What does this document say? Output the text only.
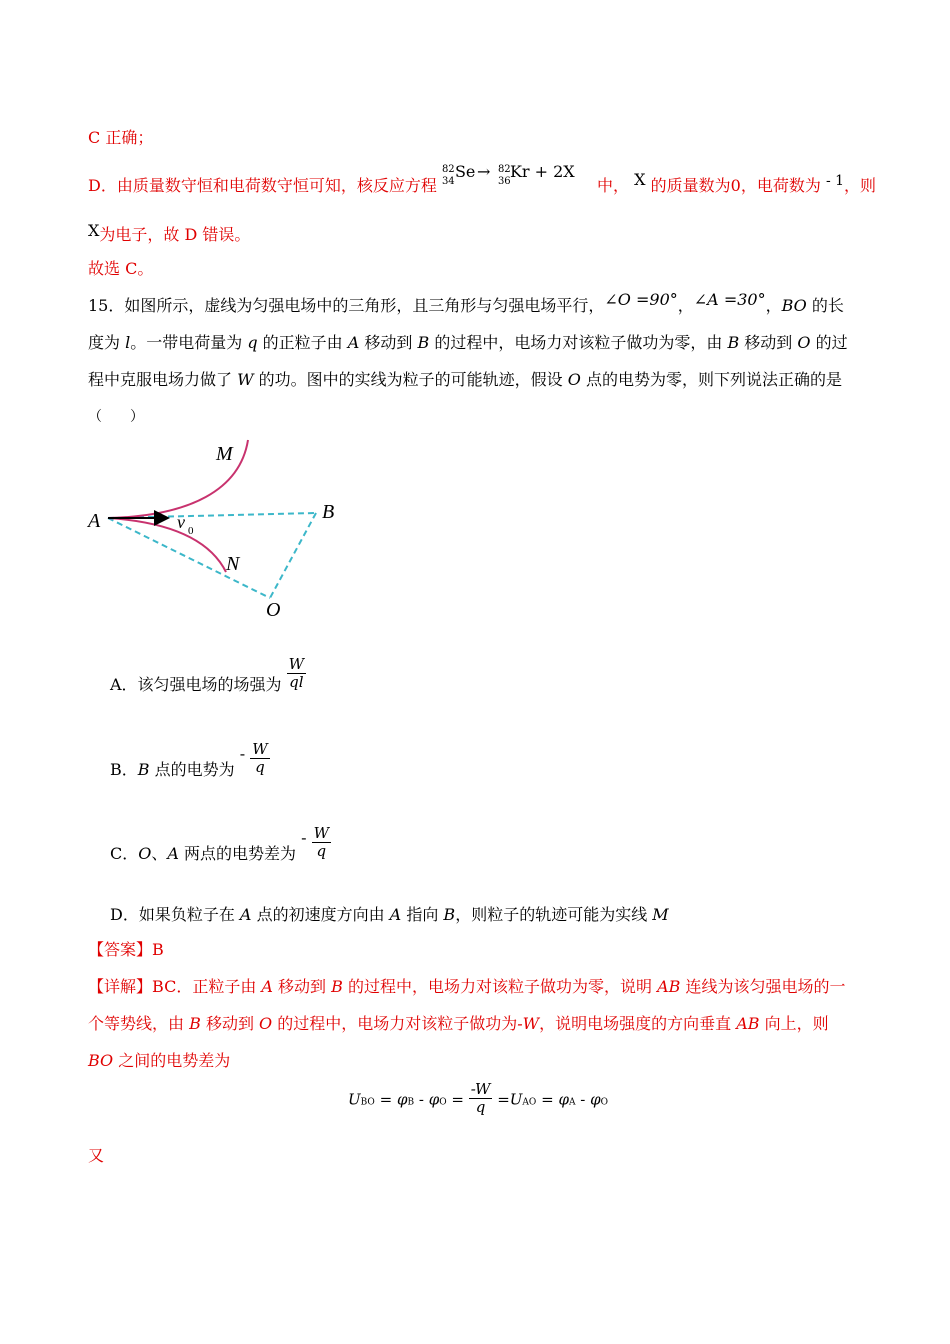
C 正确；
D．由质量数守恒和电荷数守恒可知，核反应方程
82
34
Se → 82
36
Kr + 2X
中， X 的质量数为0，电荷数为 - 1，则
X为电子，故 D 错误。
故选 C。
15．如图所示，虚线为匀强电场中的三角形，且三角形与匀强电场平行，∠O =90°，∠A =30°，BO 的长
度为 l。一带电荷量为 q 的正粒子由 A 移动到 B 的过程中，电场力对该粒子做功为零，由 B 移动到 O 的过
程中克服电场力做了 W 的功。图中的实线为粒子的可能轨迹，假设 O 点的电势为零，则下列说法正确的是
（　　）
M
A	B
N
O
v 0
A．该匀强电场的场强为 $\frac{W}{ql}$
B．B 点的电势为 - $\frac{W}{q}$
C．O、A 两点的电势差为 - $\frac{W}{q}$
D．如果负粒子在 A 点的初速度方向由 A 指向 B，则粒子的轨迹可能为实线 M
【答案】B
【详解】BC．正粒子由 A 移动到 B 的过程中，电场力对该粒子做功为零，说明 AB 连线为该匀强电场的一
个等势线，由 B 移动到 O 的过程中，电场力对该粒子做功为-W，说明电场强度的方向垂直 AB 向上，则
BO 之间的电势差为
UBO = $\varphi B - \varphi O = \frac{-W}{q} =UAO = \varphi A - \varphi O$
又
